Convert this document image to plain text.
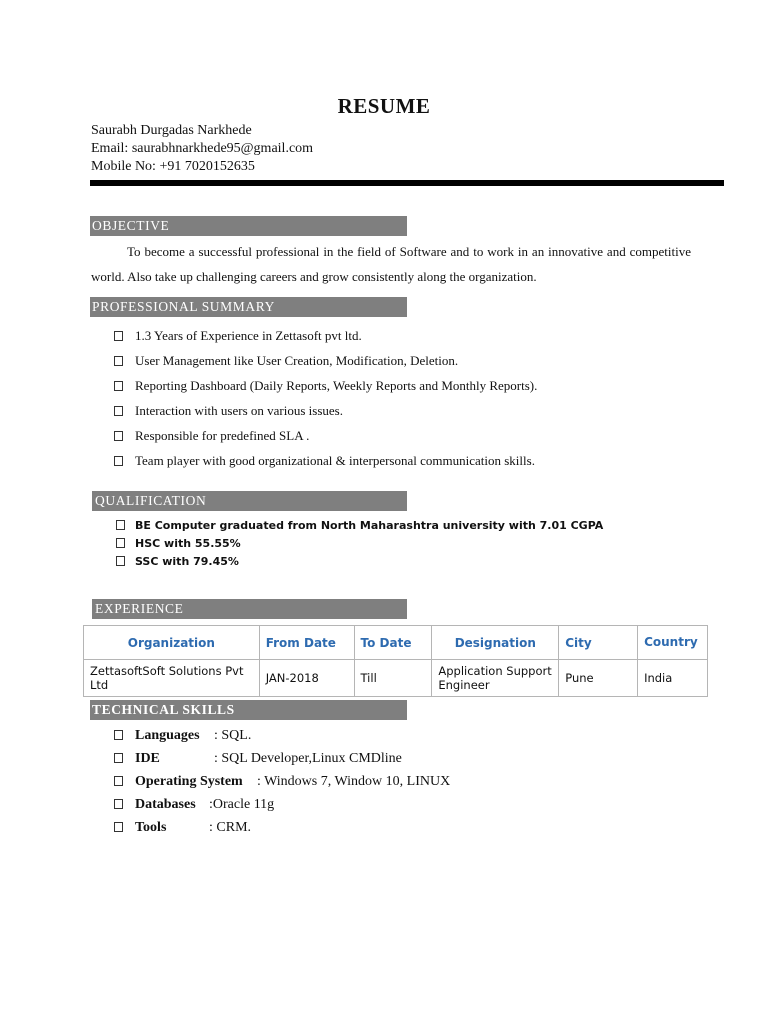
RESUME
Saurabh Durgadas Narkhede
Email: saurabhnarkhede95@gmail.com
Mobile No: +91 7020152635
OBJECTIVE
To become a successful professional in the field of Software and to work in an innovative and competitive world. Also take up challenging careers and grow consistently along the organization.
PROFESSIONAL SUMMARY
1.3 Years of Experience in Zettasoft pvt ltd.
User Management like User Creation, Modification, Deletion.
Reporting Dashboard (Daily Reports, Weekly Reports and Monthly Reports).
Interaction with users on various issues.
Responsible for predefined SLA .
Team player with good organizational & interpersonal communication skills.
QUALIFICATION
BE Computer graduated from North Maharashtra university with 7.01 CGPA
HSC with 55.55%
SSC with 79.45%
EXPERIENCE
Organization	From Date	To Date	Designation	City	Country
ZettasoftSoft Solutions Pvt Ltd	JAN-2018	Till	Application Support Engineer	Pune	India
TECHNICAL SKILLS
Languages : SQL.
IDE	: SQL Developer,Linux CMDline
Operating System : Windows 7, Window 10, LINUX
Databases :Oracle 11g
Tools	: CRM.
